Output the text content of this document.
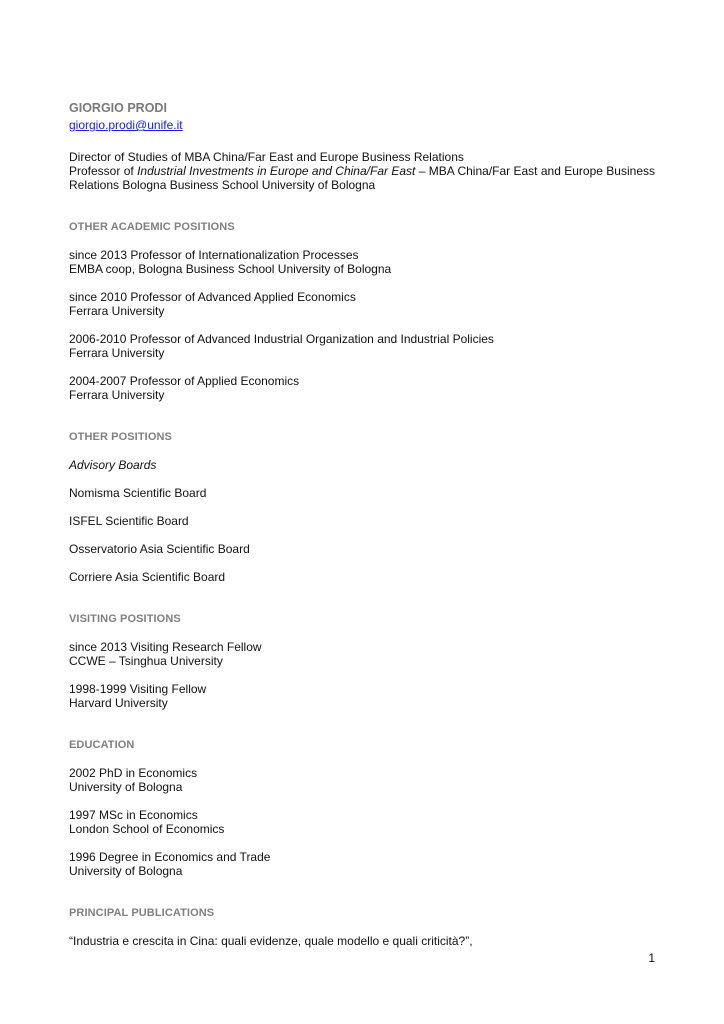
GIORGIO PRODI
giorgio.prodi@unife.it

Director of Studies of MBA China/Far East and Europe Business Relations

Professor of Industrial Investments in Europe and China/Far East – MBA China/Far East and Europe Business Relations Bologna Business School University of Bologna

OTHER ACADEMIC POSITIONS
since 2013 Professor of Internationalization Processes
EMBA coop, Bologna Business School University of Bologna
since 2010 Professor of Advanced Applied Economics
Ferrara University
2006-2010 Professor of Advanced Industrial Organization and Industrial Policies
Ferrara University
2004-2007 Professor of Applied Economics
Ferrara University
OTHER POSITIONS
Advisory Boards
Nomisma Scientific Board
ISFEL Scientific Board
Osservatorio Asia Scientific Board
Corriere Asia Scientific Board
VISITING POSITIONS
since 2013 Visiting Research Fellow
CCWE – Tsinghua University
1998-1999 Visiting Fellow
Harvard University
EDUCATION
2002 PhD in Economics
University of Bologna
1997 MSc in Economics
London School of Economics
1996 Degree in Economics and Trade
University of Bologna
PRINCIPAL PUBLICATIONS
“Industria e crescita in Cina: quali evidenze, quale modello e quali criticità?”,
1
